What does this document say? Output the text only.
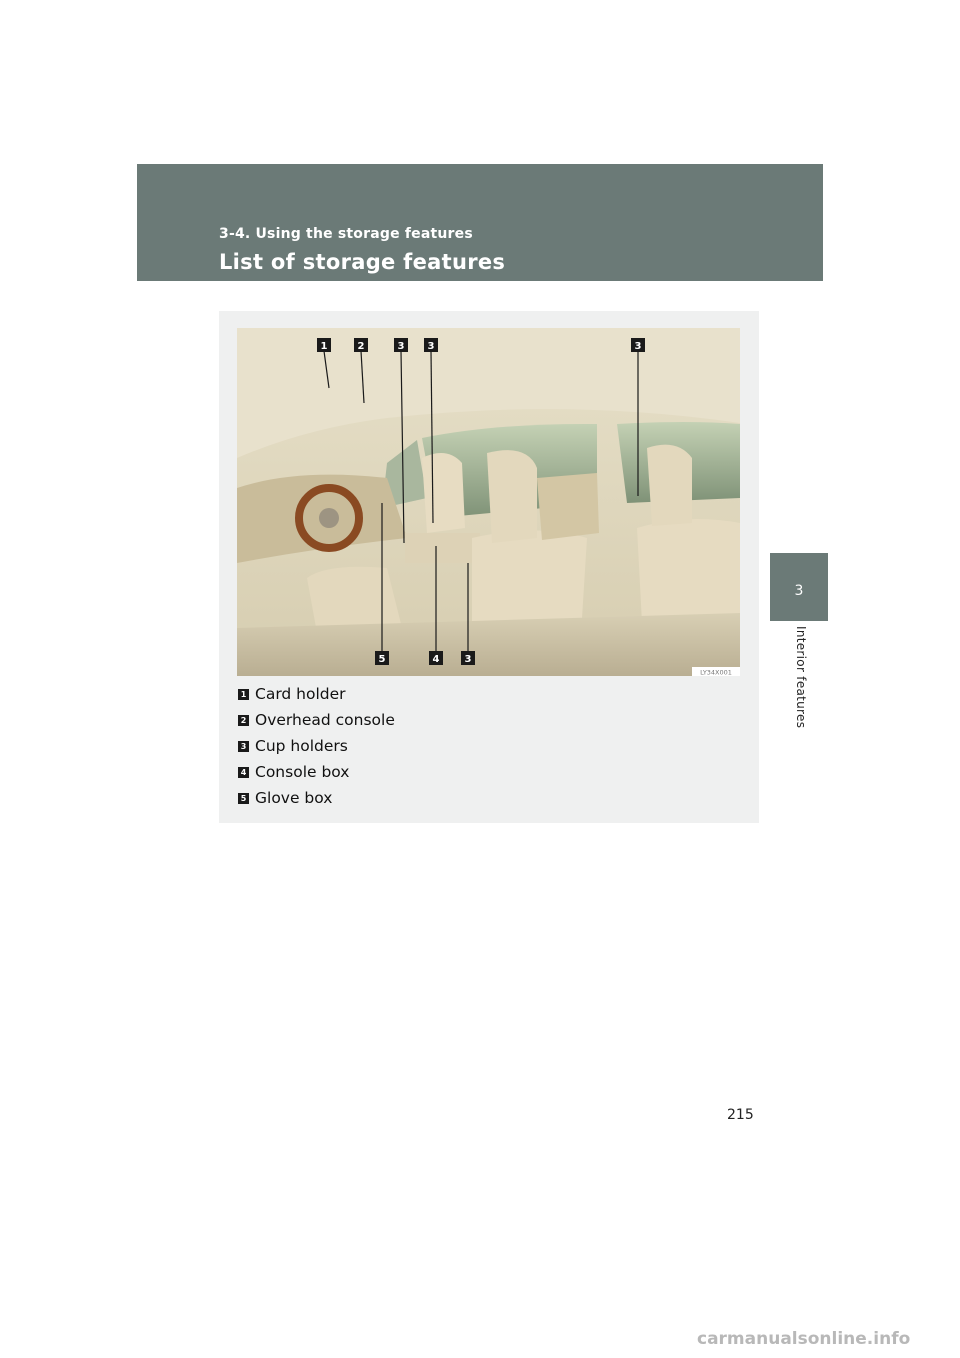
3-4. Using the storage features
List of storage features
3
Interior features
1	2	3 3	3
5	4	3
LY34X001
1 Card holder
2 Overhead console
3 Cup holders
4 Console box
5 Glove box
215
carmanualsonline.info
